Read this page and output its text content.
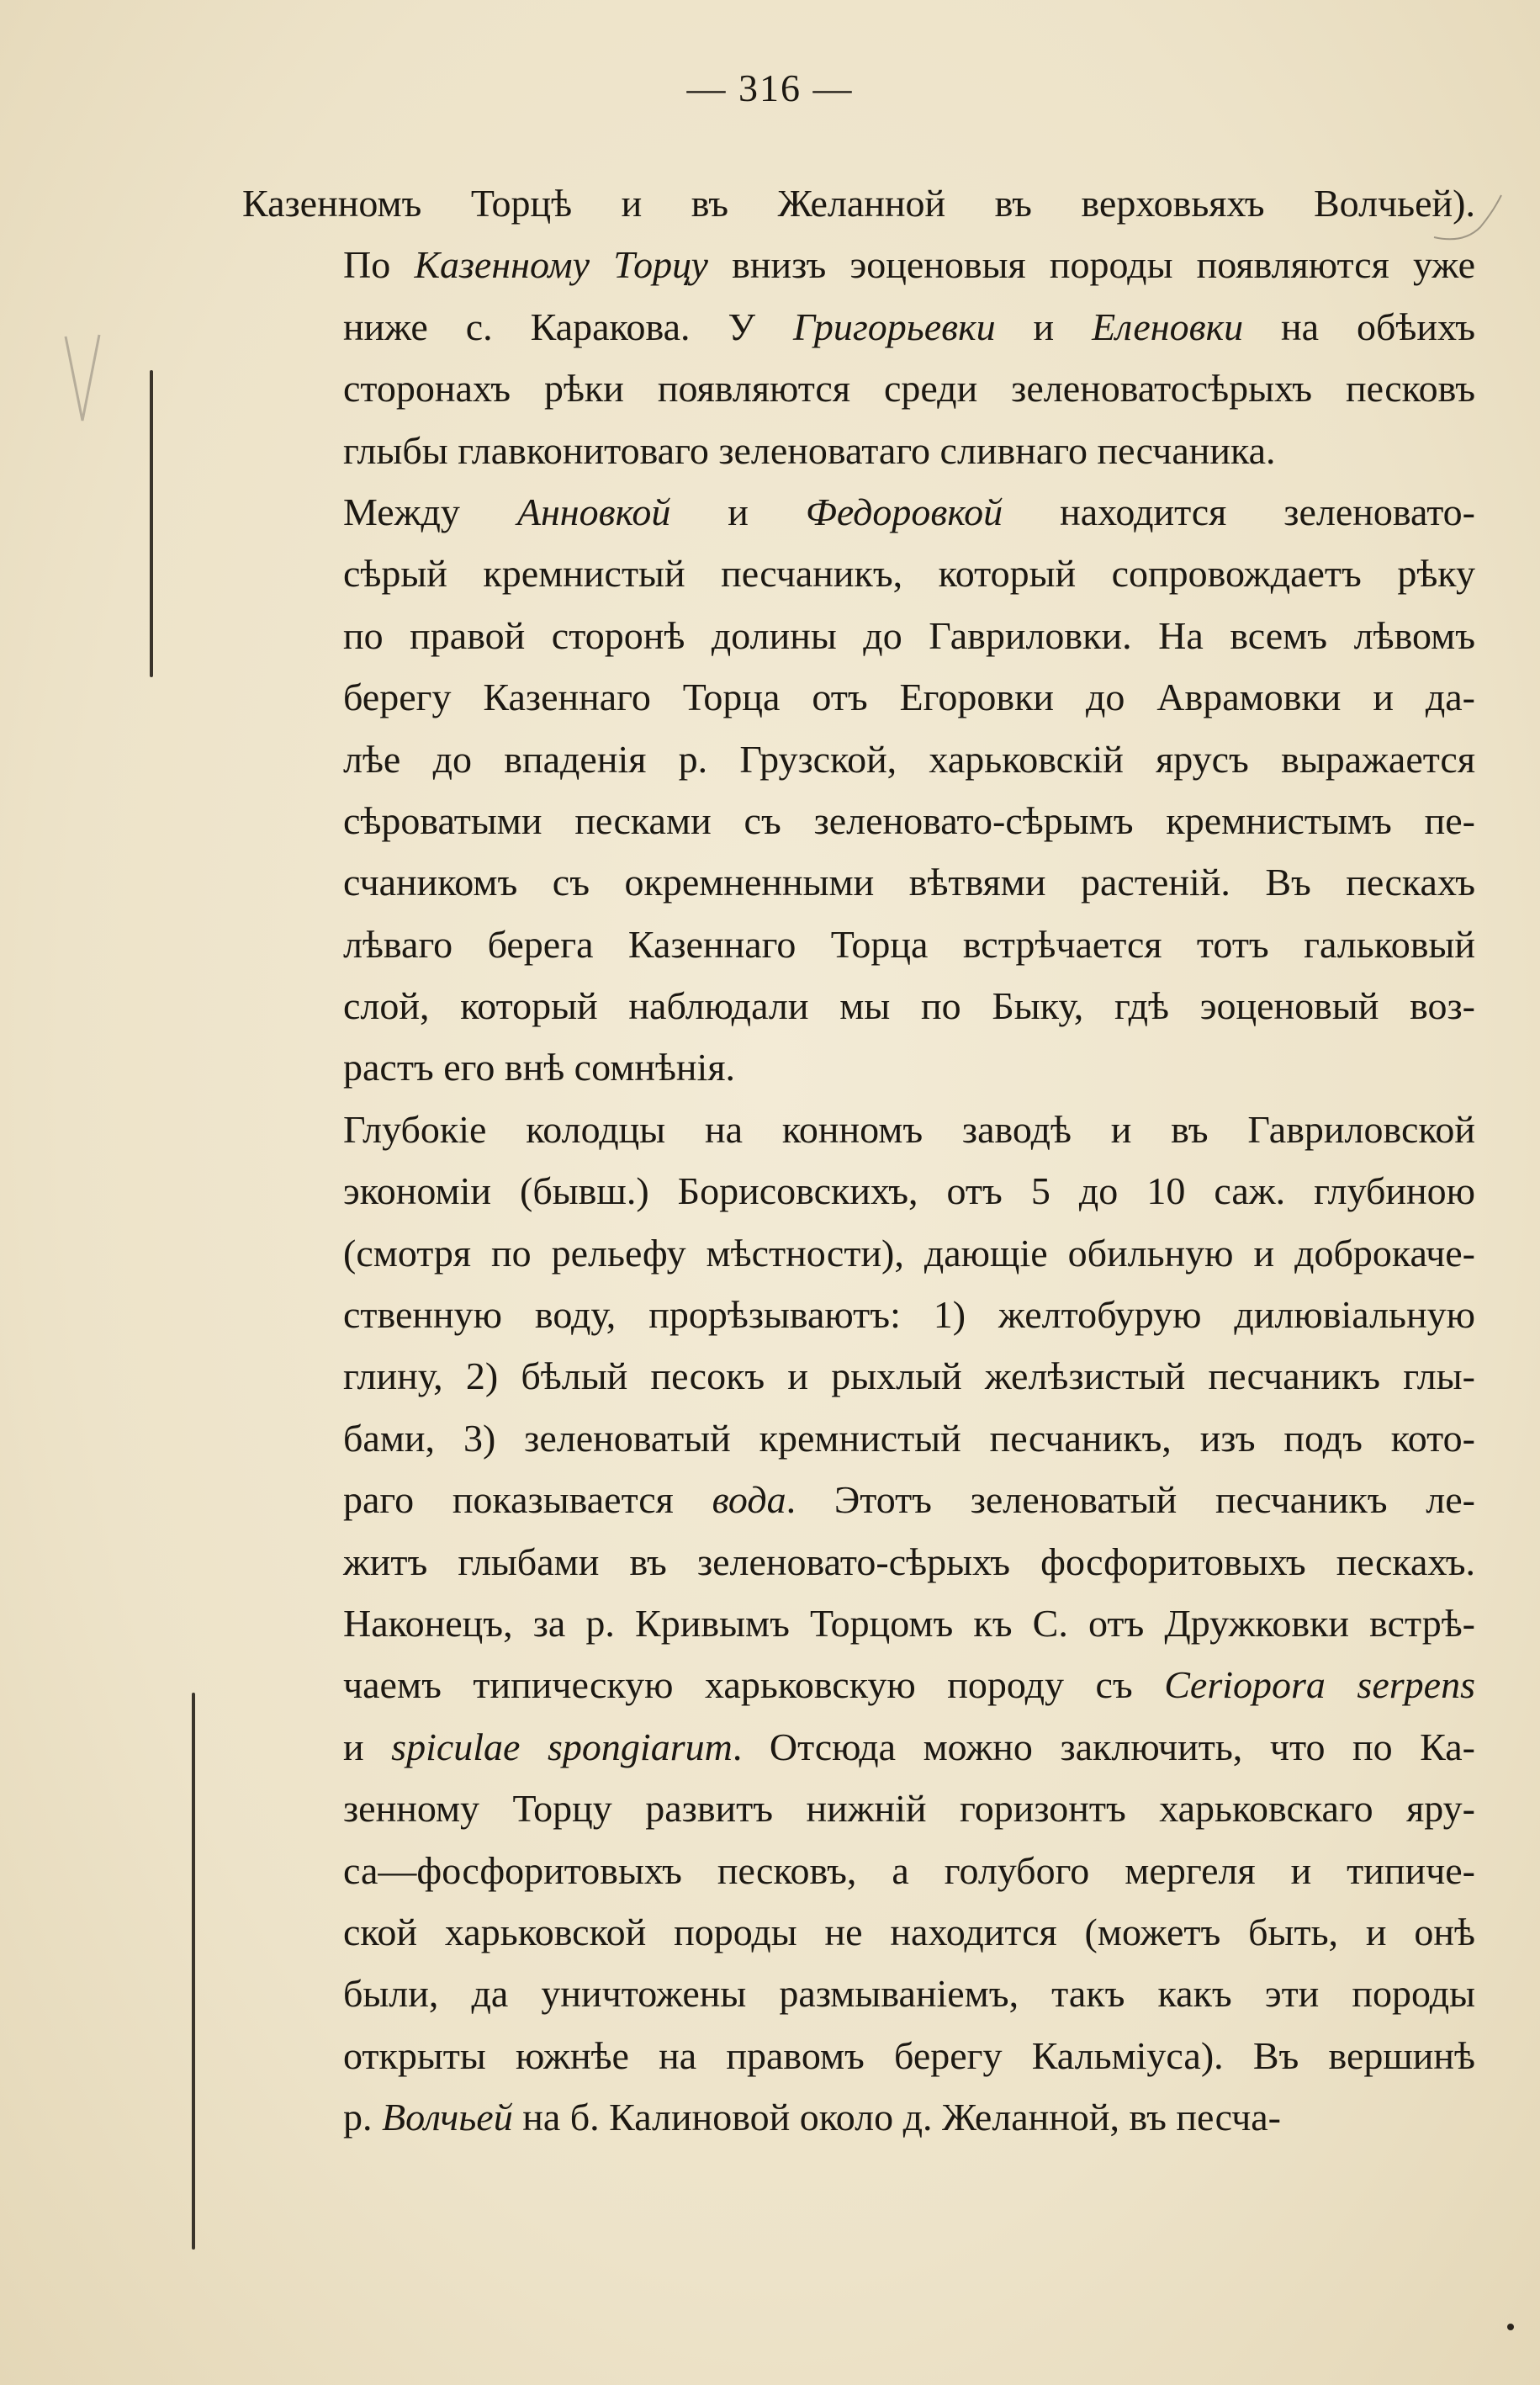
— 316 —
Казенномъ Торцѣ и въ Желанной въ верховьяхъ Волчьей).
По Казенному Торцу внизъ эоценовыя породы появляются уже
ниже с. Каракова. У Григорьевки и Еленовки на обѣихъ
сторонахъ рѣки появляются среди зеленоватосѣрыхъ песковъ
глыбы главконитоваго зеленоватаго сливнаго песчаника.
Между Анновкой и Федоровкой находится зеленовато-
сѣрый кремнистый песчаникъ, который сопровождаетъ рѣку
по правой сторонѣ долины до Гавриловки. На всемъ лѣвомъ
берегу Казеннаго Торца отъ Егоровки до Аврамовки и да-
лѣе до впаденія р. Грузской, харьковскій ярусъ выражается
сѣроватыми песками съ зеленовато-сѣрымъ кремнистымъ пе-
счаникомъ съ окремненными вѣтвями растеній. Въ пескахъ
лѣваго берега Казеннаго Торца встрѣчается тотъ гальковый
слой, который наблюдали мы по Быку, гдѣ эоценовый воз-
растъ его внѣ сомнѣнія.
Глубокіе колодцы на конномъ заводѣ и въ Гавриловской
экономіи (бывш.) Борисовскихъ, отъ 5 до 10 саж. глубиною
(смотря по рельефу мѣстности), дающіе обильную и доброкаче-
ственную воду, прорѣзываютъ: 1) желтобурую дилювіальную
глину, 2) бѣлый песокъ и рыхлый желѣзистый песчаникъ глы-
бами, 3) зеленоватый кремнистый песчаникъ, изъ подъ кото-
раго показывается вода. Этотъ зеленоватый песчаникъ ле-
житъ глыбами въ зеленовато-сѣрыхъ фосфоритовыхъ пескахъ.
Наконецъ, за р. Кривымъ Торцомъ къ С. отъ Дружковки встрѣ-
чаемъ типическую харьковскую породу съ Ceriopora serpens
и spiculae spongiarum. Отсюда можно заключить, что по Ка-
зенному Торцу развитъ нижній горизонтъ харьковскаго яру-
са—фосфоритовыхъ песковъ, а голубого мергеля и типиче-
ской харьковской породы не находится (можетъ быть, и онѣ
были, да уничтожены размываніемъ, такъ какъ эти породы
открыты южнѣе на правомъ берегу Кальміуса). Въ вершинѣ
р. Волчьей на б. Калиновой около д. Желанной, въ песча-
